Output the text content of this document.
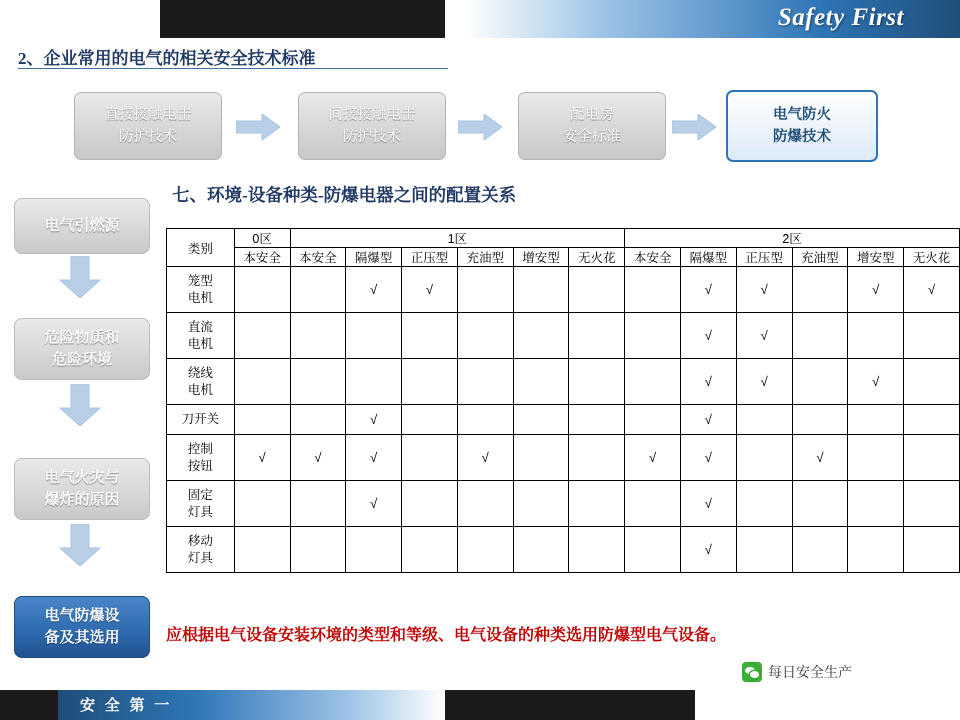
Safety First
2、企业常用的电气的相关安全技术标准
直接接触电击
防护技术
间接接触电击
防护技术
配电房
安全标准
电气防火
防爆技术
电气引燃源
危险物质和
危险环境
电气火灾与
爆炸的原因
电气防爆设
备及其选用
七、环境-设备种类-防爆电器之间的配置关系
类别	0区	1区						2区					
	本安全	本安全	隔爆型	正压型	充油型	增安型	无火花	本安全	隔爆型	正压型	充油型	增安型	无火花
笼型
电机			√	√					√	√		√	√
直流
电机									√	√			
绕线
电机									√	√		√	
刀开关			√						√				
控制
按钮	√	√	√		√			√	√		√		
固定
灯具			√						√				
移动
灯具									√				
应根据电气设备安装环境的类型和等级、电气设备的种类选用防爆型电气设备。
每日安全生产
安 全 第 一
